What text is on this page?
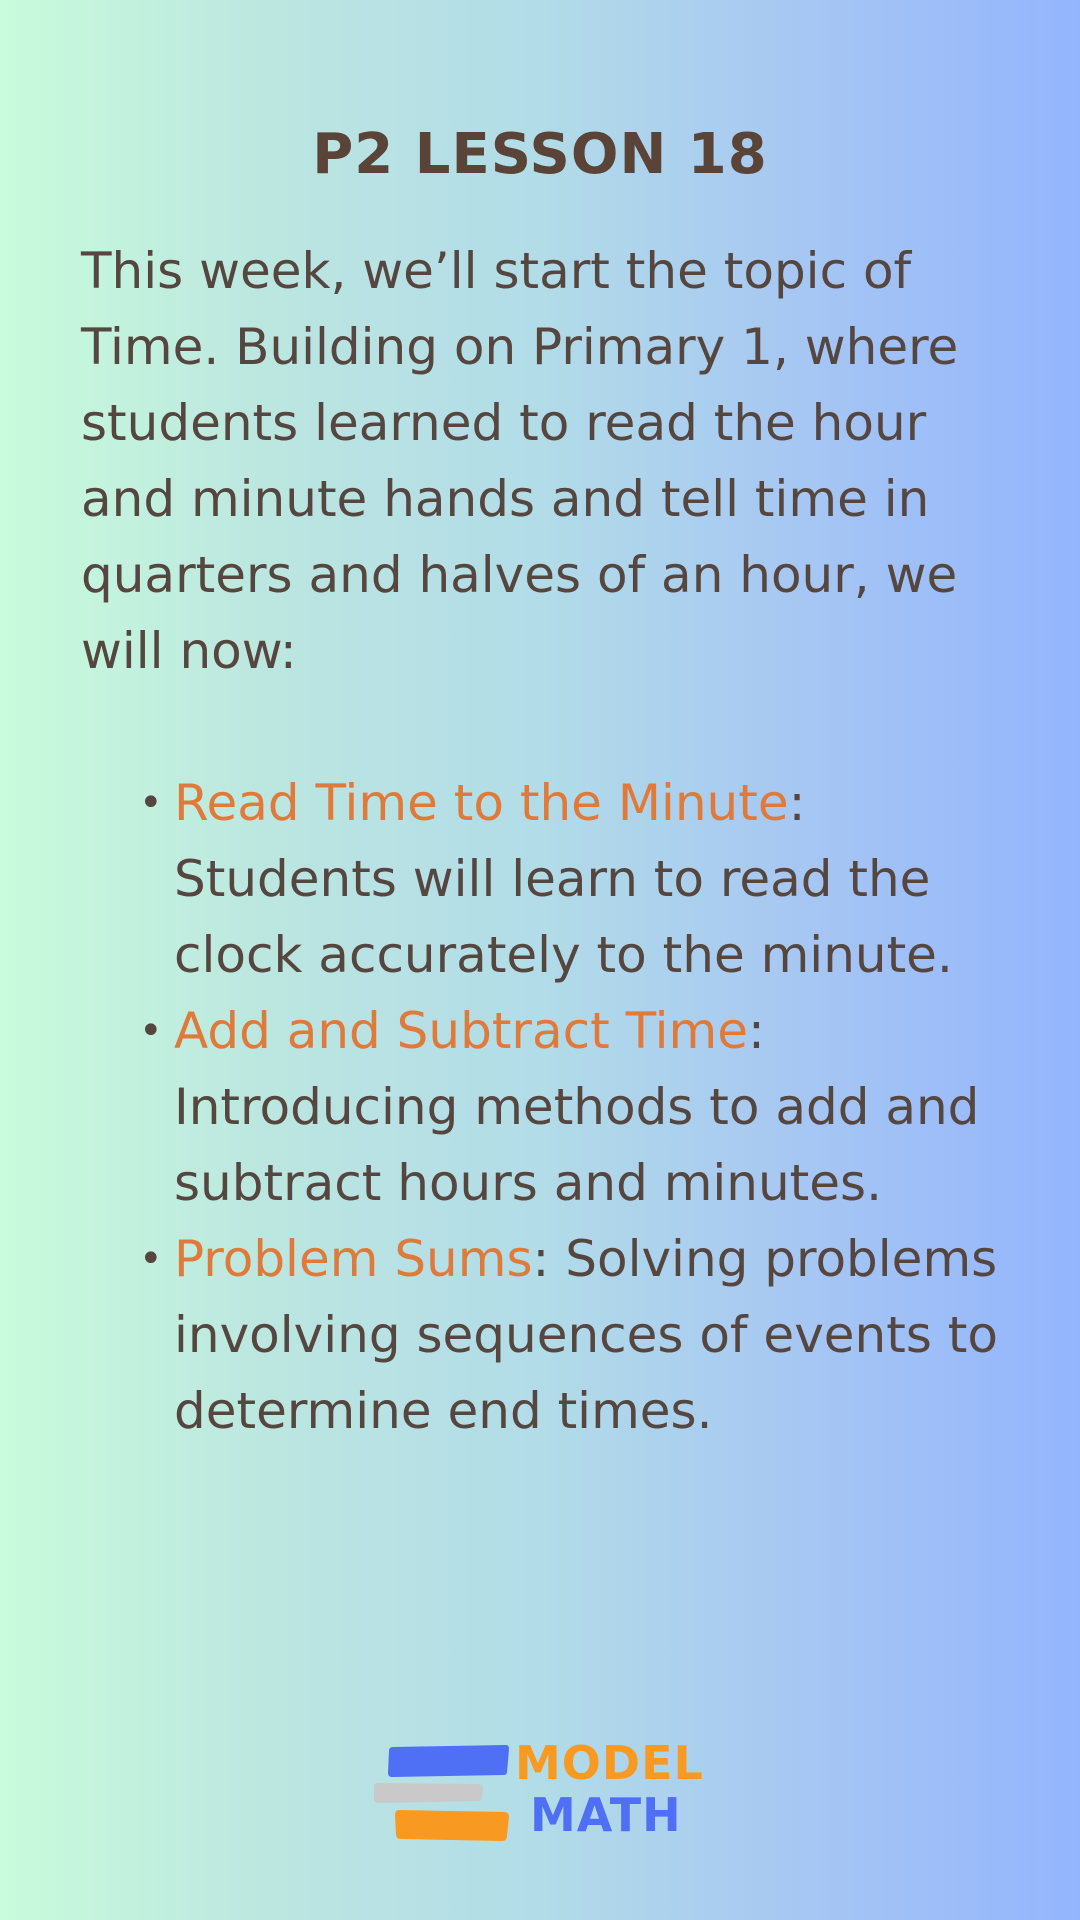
P2 LESSON 18

This week, we’ll start the topic of Time. Building on Primary 1, where students learned to read the hour and minute hands and tell time in quarters and halves of an hour, we will now:

• Read Time to the Minute: Students will learn to read the clock accurately to the minute.
• Add and Subtract Time: Introducing methods to add and subtract hours and minutes.
• Problem Sums: Solving problems involving sequences of events to determine end times.
MODEL
MATH
